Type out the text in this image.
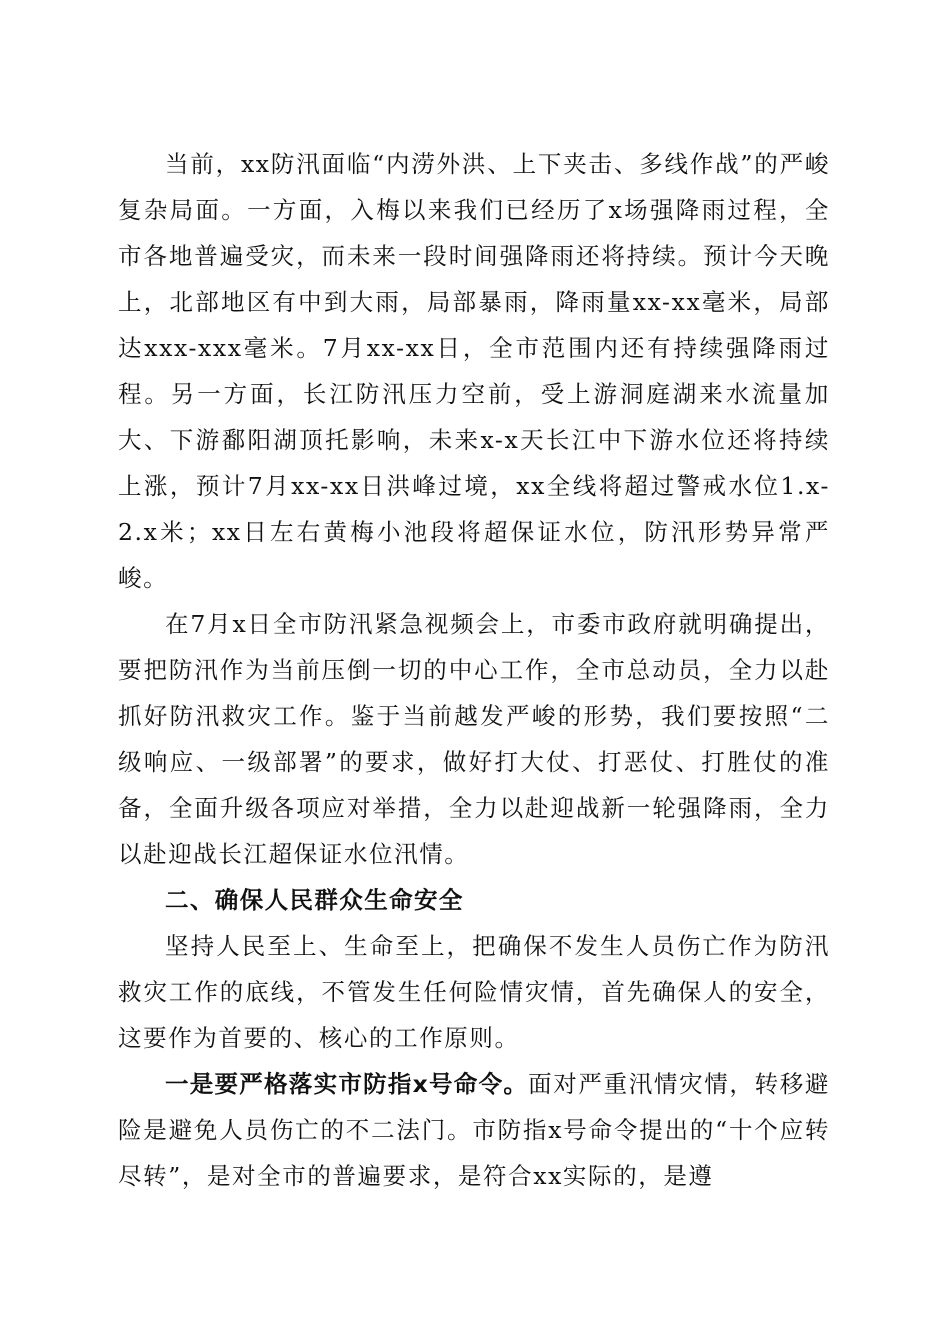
当前，xx防汛面临“内涝外洪、上下夹击、多线作战”的严峻复杂局面。一方面，入梅以来我们已经历了x场强降雨过程，全市各地普遍受灾，而未来一段时间强降雨还将持续。预计今天晚上，北部地区有中到大雨，局部暴雨，降雨量xx-xx毫米，局部达xxx-xxx毫米。7月xx-xx日，全市范围内还有持续强降雨过程。另一方面，长江防汛压力空前，受上游洞庭湖来水流量加大、下游鄱阳湖顶托影响，未来x-x天长江中下游水位还将持续上涨，预计7月xx-xx日洪峰过境，xx全线将超过警戒水位1.x-2.x米；xx日左右黄梅小池段将超保证水位，防汛形势异常严峻。

在7月x日全市防汛紧急视频会上，市委市政府就明确提出，要把防汛作为当前压倒一切的中心工作，全市总动员，全力以赴抓好防汛救灾工作。鉴于当前越发严峻的形势，我们要按照“二级响应、一级部署”的要求，做好打大仗、打恶仗、打胜仗的准备，全面升级各项应对举措，全力以赴迎战新一轮强降雨，全力以赴迎战长江超保证水位汛情。

二、确保人民群众生命安全

坚持人民至上、生命至上，把确保不发生人员伤亡作为防汛救灾工作的底线，不管发生任何险情灾情，首先确保人的安全，这要作为首要的、核心的工作原则。

一是要严格落实市防指x号命令。面对严重汛情灾情，转移避险是避免人员伤亡的不二法门。市防指x号命令提出的“十个应转尽转”，是对全市的普遍要求，是符合xx实际的，是遵
